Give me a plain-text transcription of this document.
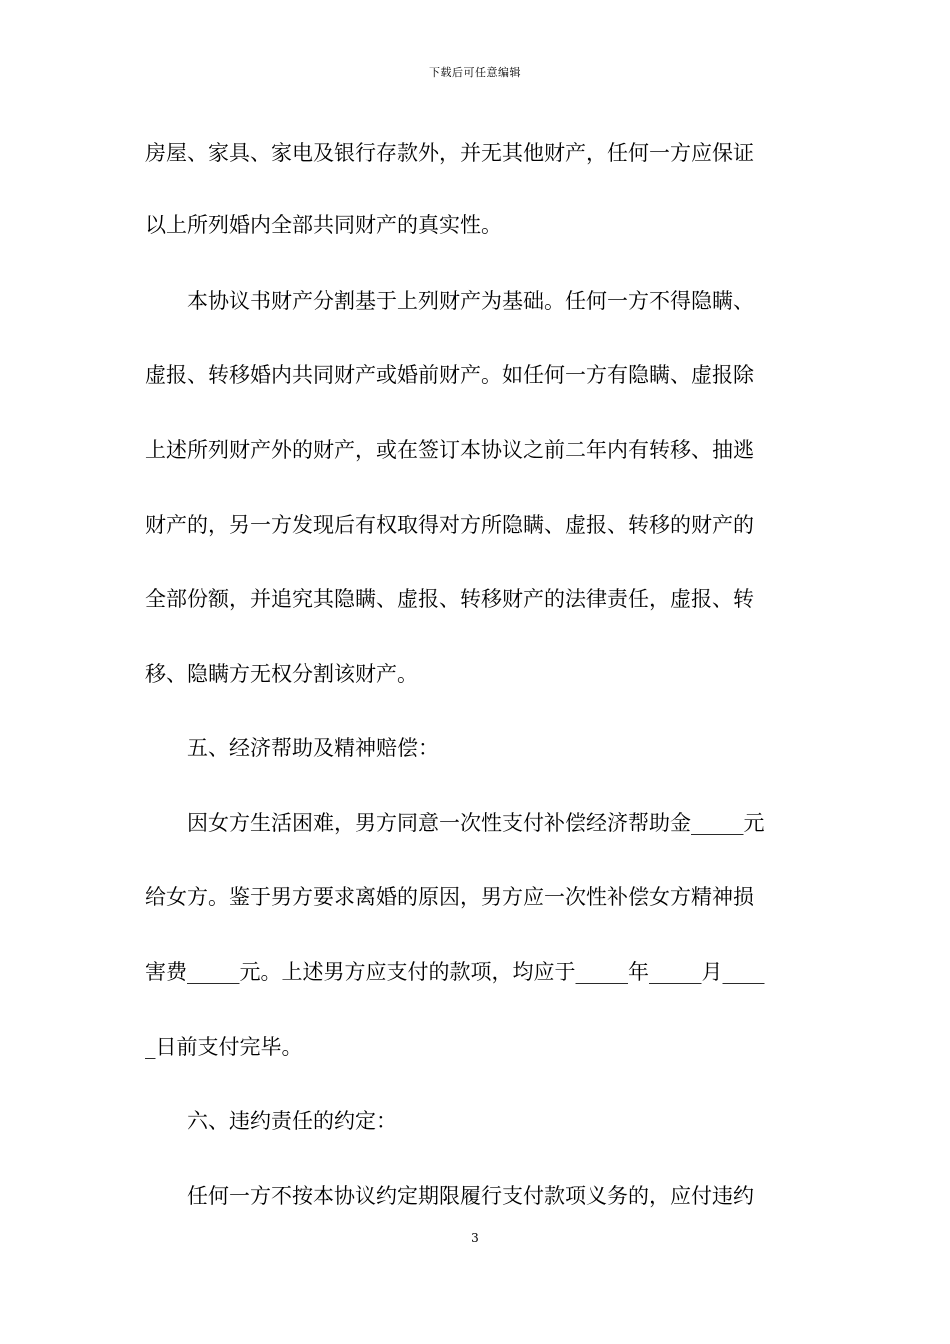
下载后可任意编辑
房屋、家具、家电及银行存款外，并无其他财产，任何一方应保证
以上所列婚内全部共同财产的真实性。
本协议书财产分割基于上列财产为基础。任何一方不得隐瞒、
虚报、转移婚内共同财产或婚前财产。如任何一方有隐瞒、虚报除
上述所列财产外的财产，或在签订本协议之前二年内有转移、抽逃
财产的，另一方发现后有权取得对方所隐瞒、虚报、转移的财产的
全部份额，并追究其隐瞒、虚报、转移财产的法律责任，虚报、转
移、隐瞒方无权分割该财产。
五、经济帮助及精神赔偿：
因女方生活困难，男方同意一次性支付补偿经济帮助金_____元
给女方。鉴于男方要求离婚的原因，男方应一次性补偿女方精神损
害费_____元。上述男方应支付的款项，均应于_____年_____月____
_日前支付完毕。
六、违约责任的约定：
任何一方不按本协议约定期限履行支付款项义务的，应付违约
3
